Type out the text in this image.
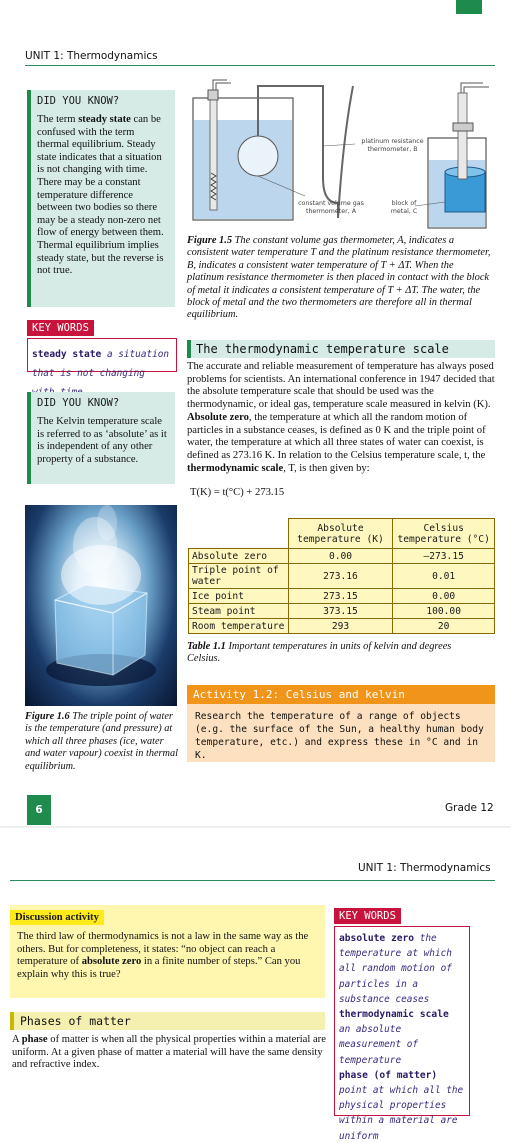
UNIT 1: Thermodynamics
DID YOU KNOW?
The term steady state can be confused with the term thermal equilibrium. Steady state indicates that a situation is not changing with time. There may be a constant temperature difference between two bodies so there may be a steady non-zero net flow of energy between them. Thermal equilibrium implies steady state, but the reverse is not true.
KEY WORDS
steady state a situation that is not changing
DID YOU KNOW?
The Kelvin temperature scale is referred to as ‘absolute’ as it is independent of any other property of a substance.
platinum resistance thermometer, B
constant volume gas thermometer, A
block of metal, C
Figure 1.5 The constant volume gas thermometer, A, indicates a consistent water temperature T and the platinum resistance thermometer, B, indicates a consistent water temperature of T + ΔT. When the platinum resistance thermometer is then placed in contact with the block of metal it indicates a consistent temperature of T + ΔT. The water, the block of metal and the two thermometers are therefore all in thermal equilibrium.
The thermodynamic temperature scale
The accurate and reliable measurement of temperature has always posed problems for scientists. An international conference in 1947 decided that the absolute temperature scale that should be used was the thermodynamic, or ideal gas, temperature scale measured in kelvin (K). Absolute zero, the temperature at which all the random motion of particles in a substance ceases, is defined as 0 K and the triple point of water, the temperature at which all three states of water can coexist, is defined as 273.16 K. In relation to the Celsius temperature scale, t, the thermodynamic scale, T, is then given by:
T(K) = t(°C) + 273.15
	Absolute temperature (K)	Celsius temperature (°C)
Absolute zero	0.00	–273.15
Triple point of water	273.16	0.01
Ice point	273.15	0.00
Steam point	373.15	100.00
Room temperature	293	20
Table 1.1 Important temperatures in units of kelvin and degrees Celsius.
Figure 1.6 The triple point of water is the temperature (and pressure) at which all three phases (ice, water and water vapour) coexist in thermal equilibrium.
Activity 1.2: Celsius and kelvin
Research the temperature of a range of objects (e.g. the surface of the Sun, a healthy human body temperature, etc.) and express these in °C and in K.
6	Grade 12
UNIT 1: Thermodynamics
Discussion activity
The third law of thermodynamics is not a law in the same way as the others. But for completeness, it states: “no object can reach a temperature of absolute zero in a finite number of steps.” Can you explain why this is true?
Phases of matter
A phase of matter is when all the physical properties within a material are uniform. At a given phase of matter a material will have the same density and refractive index.
KEY WORDS
absolute zero the temperature at which all random motion of particles in a substance ceases
thermodynamic scale an absolute measurement of temperature
phase (of matter) point at which all the physical properties within a material are uniform
